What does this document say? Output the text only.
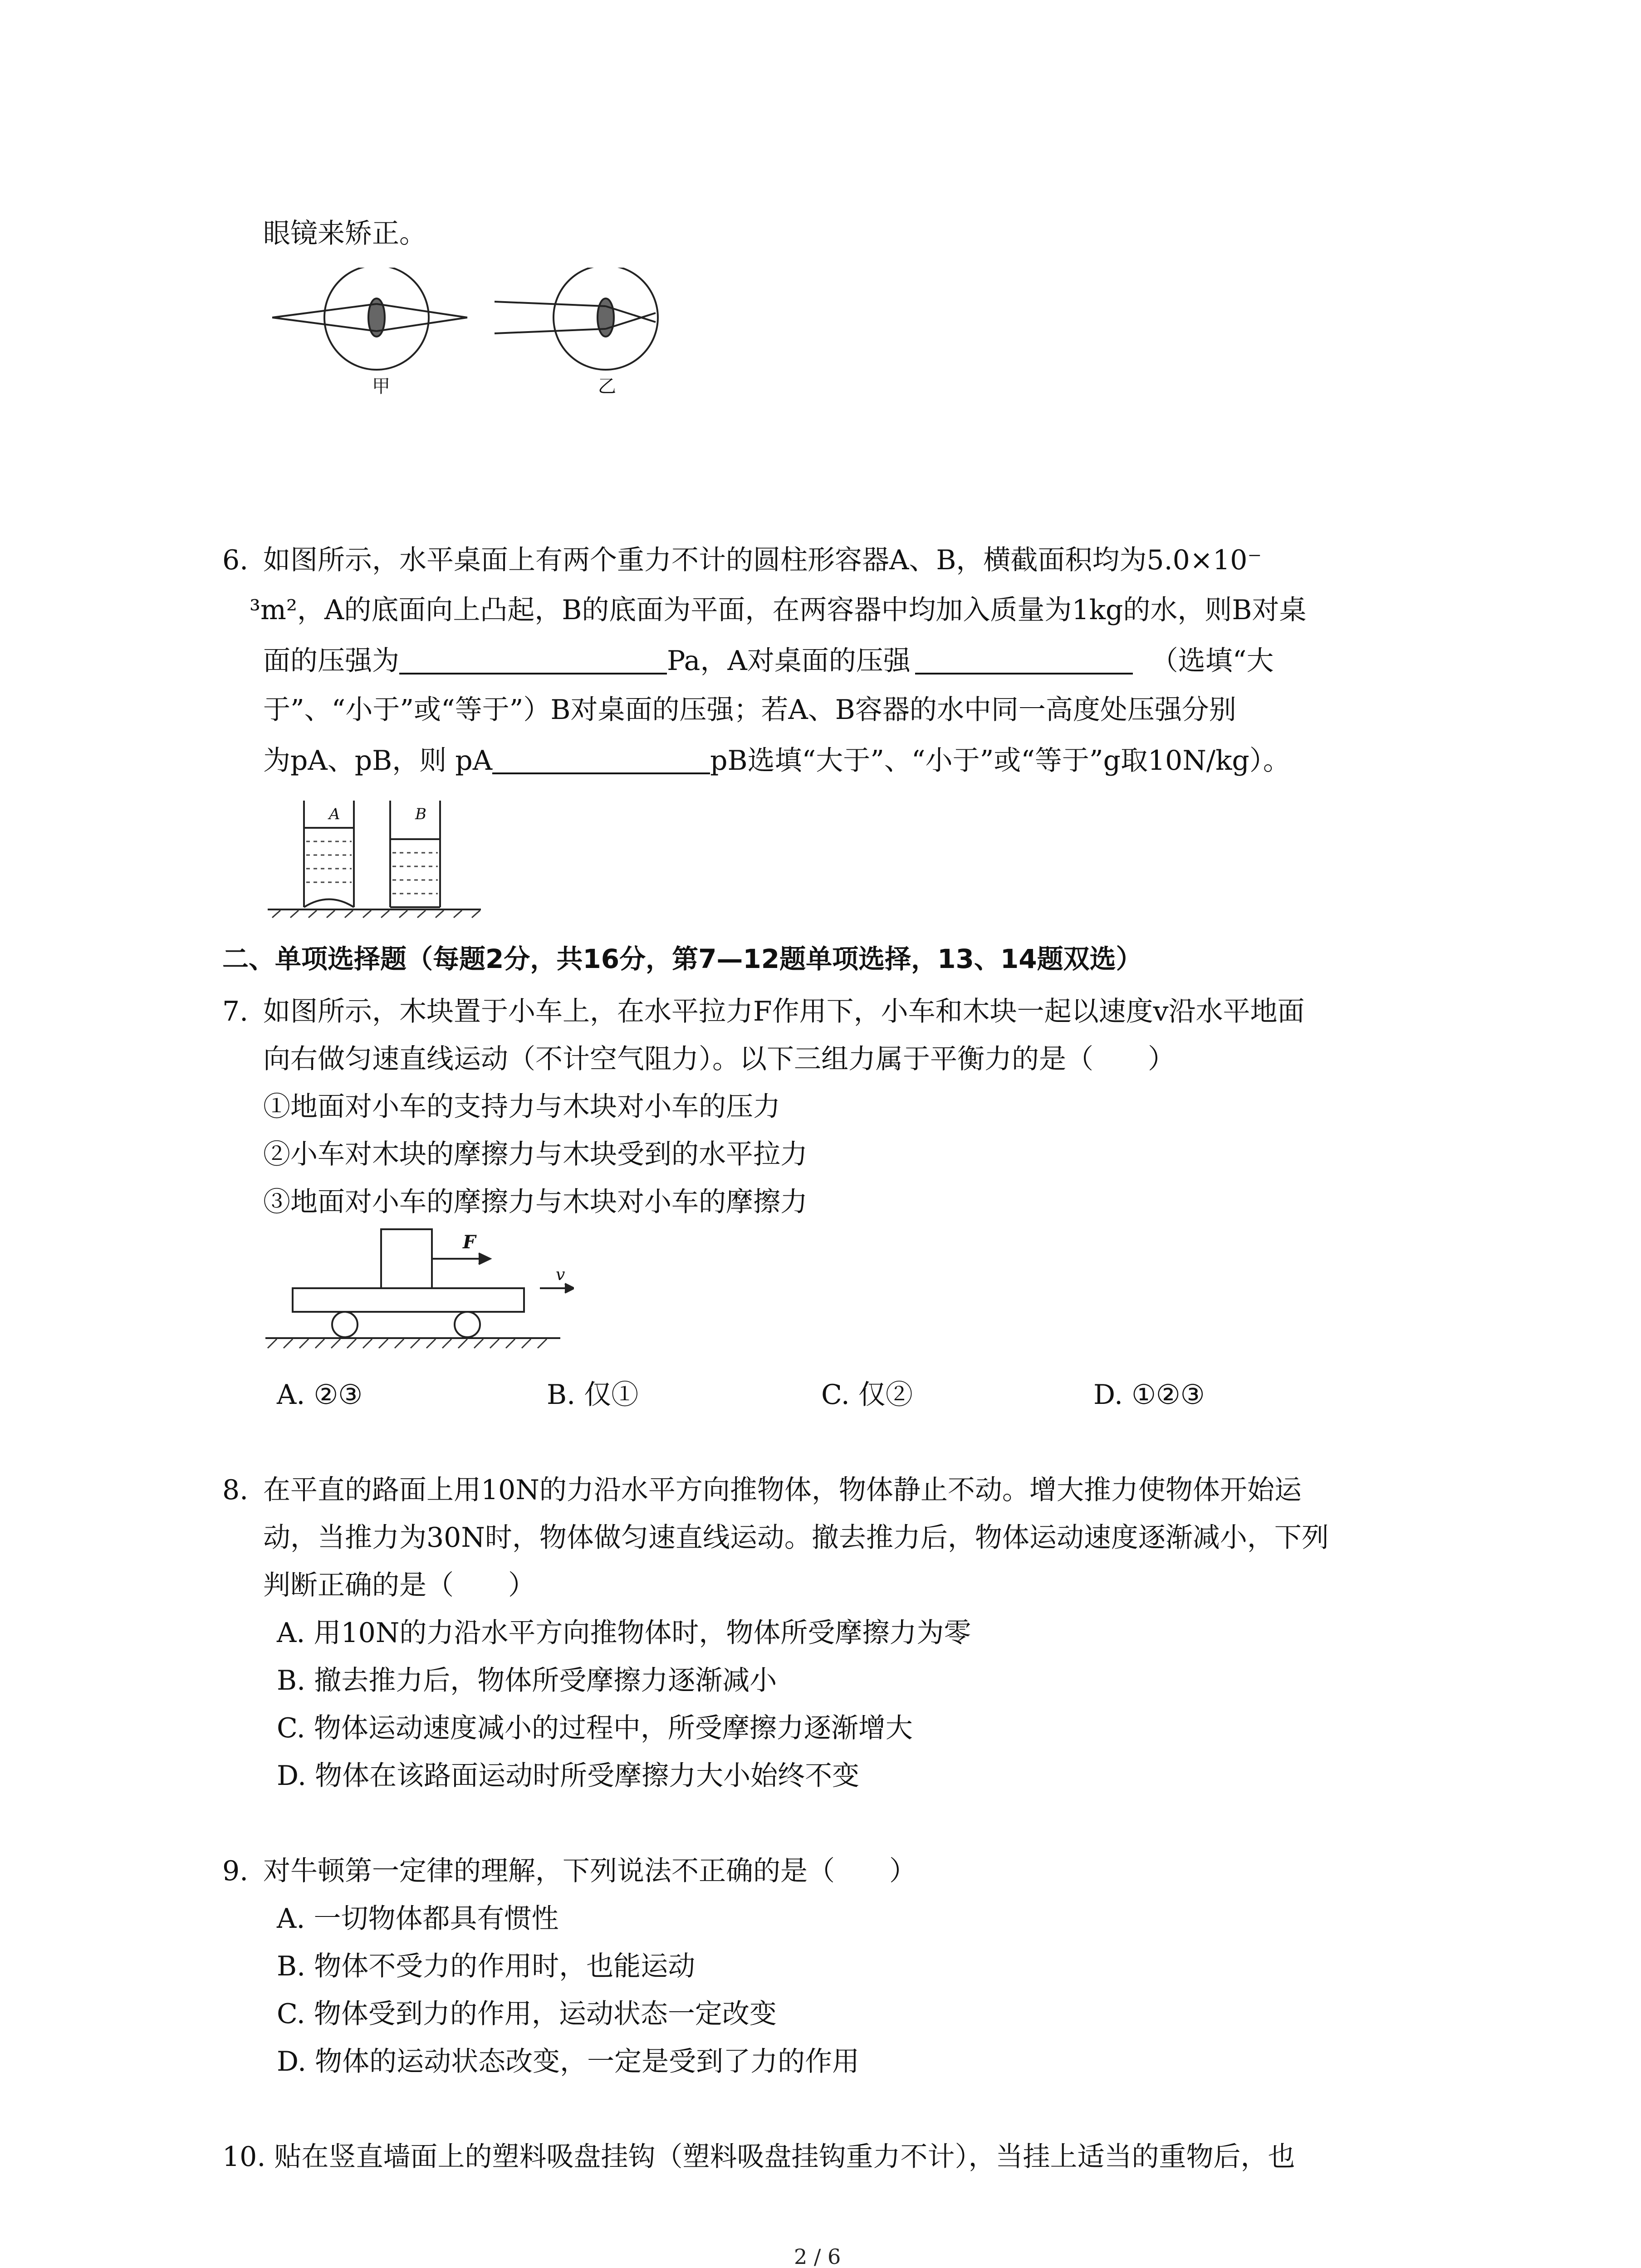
眼镜来矫正。
甲	乙
6. 如图所示，水平桌面上有两个重力不计的圆柱形容器A、B，横截面积均为5.0×10⁻
³m²，A的底面向上凸起，B的底面为平面，在两容器中均加入质量为1kg的水，则B对桌
面的压强为	Pa，A对桌面的压强	（选填“大
于”、“小于”或“等于”）B对桌面的压强；若A、B容器的水中同一高度处压强分别
为pA、pB，则 pA	pB选填“大于”、“小于”或“等于”g取10N/kg）。
A	B
二、单项选择题（每题2分，共16分，第7—12题单项选择，13、14题双选）
7. 如图所示，木块置于小车上，在水平拉力F作用下，小车和木块一起以速度v沿水平地面
向右做匀速直线运动（不计空气阻力）。以下三组力属于平衡力的是（　　）
①地面对小车的支持力与木块对小车的压力
②小车对木块的摩擦力与木块受到的水平拉力
③地面对小车的摩擦力与木块对小车的摩擦力
F
v
A. ②③	B. 仅①	C. 仅②	D. ①②③
8. 在平直的路面上用10N的力沿水平方向推物体，物体静止不动。增大推力使物体开始运
动，当推力为30N时，物体做匀速直线运动。撤去推力后，物体运动速度逐渐减小，下列
判断正确的是（　　）
A. 用10N的力沿水平方向推物体时，物体所受摩擦力为零
B. 撤去推力后，物体所受摩擦力逐渐减小
C. 物体运动速度减小的过程中，所受摩擦力逐渐增大
D. 物体在该路面运动时所受摩擦力大小始终不变
9. 对牛顿第一定律的理解，下列说法不正确的是（　　）
A. 一切物体都具有惯性
B. 物体不受力的作用时，也能运动
C. 物体受到力的作用，运动状态一定改变
D. 物体的运动状态改变，一定是受到了力的作用
10. 贴在竖直墙面上的塑料吸盘挂钩（塑料吸盘挂钩重力不计），当挂上适当的重物后，也
2 / 6
